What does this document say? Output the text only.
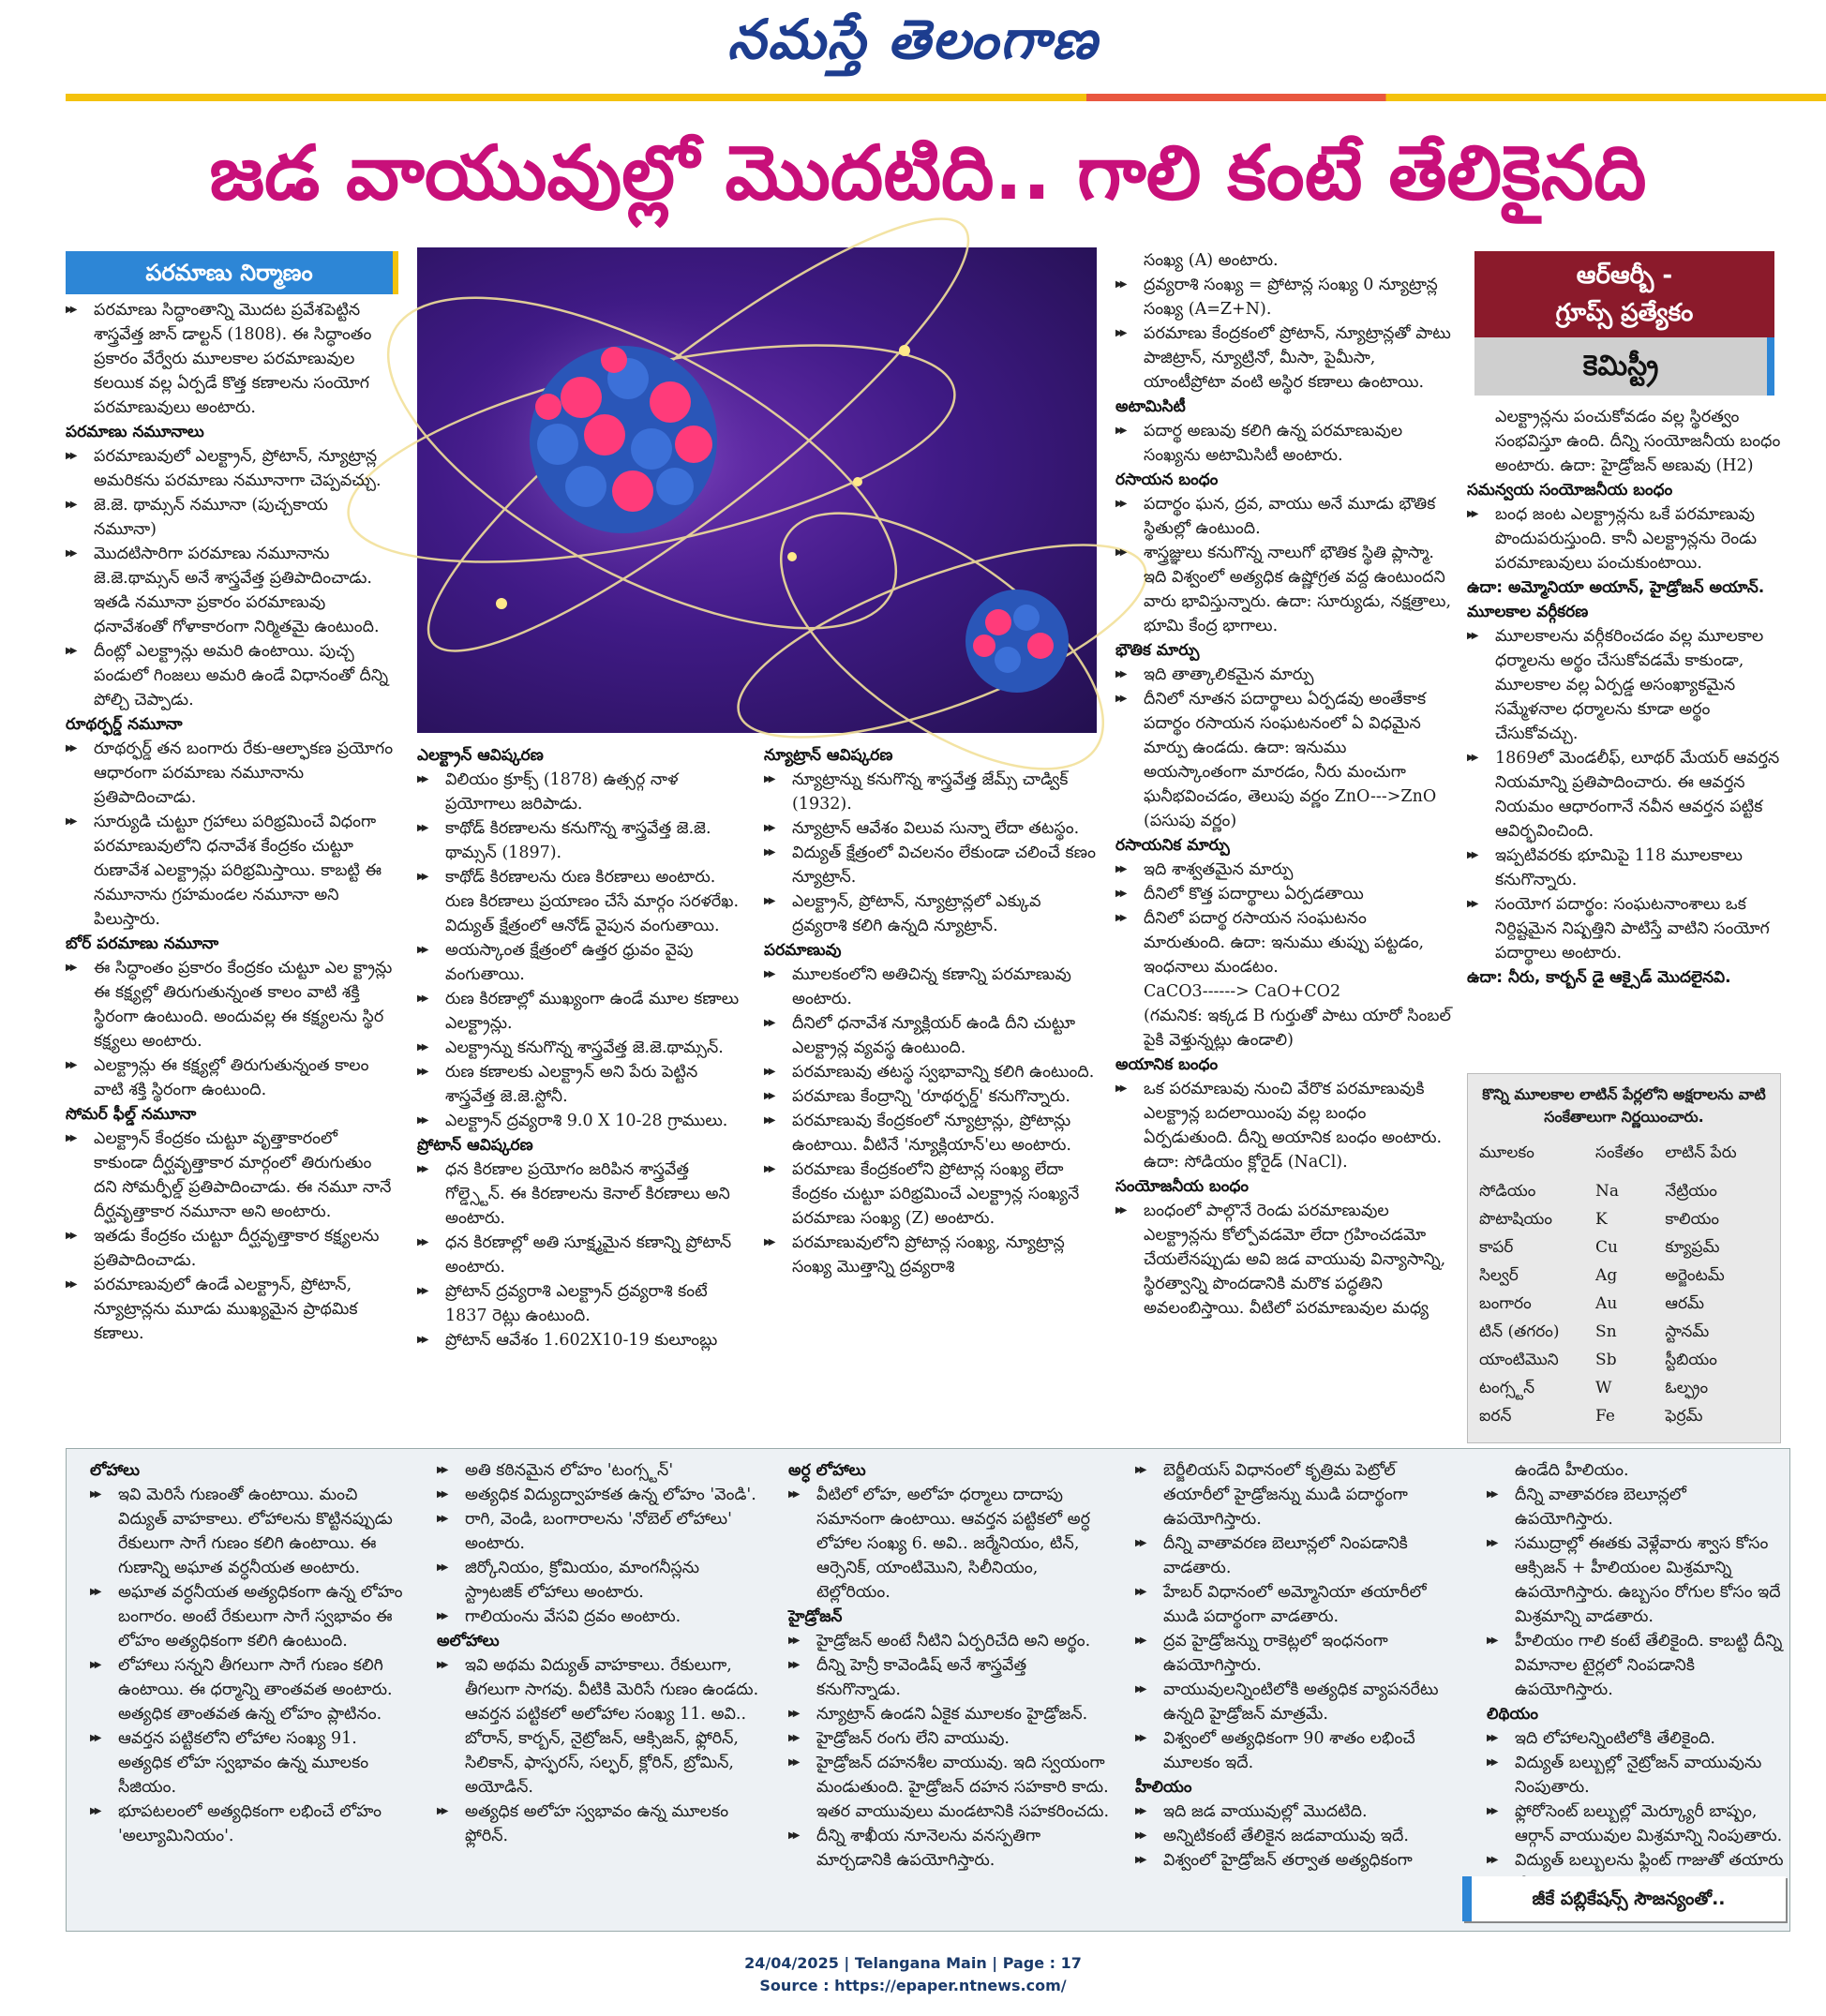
నమస్తే తెలంగాణ
జడ వాయువుల్లో మొదటిది.. గాలి కంటే తేలికైనది
పరమాణు నిర్మాణం	ఆర్ఆర్బీ -
గ్రూప్స్ ప్రత్యేకం
కెమిస్ట్రీ

▶▶ పరమాణు సిద్ధాంతాన్ని మొదట ప్రవేశపెట్టిన శాస్త్రవేత్త జాన్ డాల్టన్ (1808). ఈ సిద్ధాంతం ప్రకారం వేర్వేరు మూలకాల పరమాణువుల కలయిక వల్ల ఏర్పడే కొత్త కణాలను సంయోగ పరమాణువులు అంటారు.

పరమాణు నమూనాలు

▶▶ పరమాణువులో ఎలక్ట్రాన్, ప్రోటాన్, న్యూట్రాన్ల అమరికను పరమాణు నమూనాగా చెప్పవచ్చు.

▶▶ జె.జె. థామ్సన్ నమూనా (పుచ్చకాయ నమూనా)

▶▶ మొదటిసారిగా పరమాణు నమూనాను జె.జె.థామ్సన్ అనే శాస్త్రవేత్త ప్రతిపాదించాడు. ఇతడి నమూనా ప్రకారం పరమాణువు ధనావేశంతో గోళాకారంగా నిర్మితమై ఉంటుంది.

▶▶ దీంట్లో ఎలక్ట్రాన్లు అమరి ఉంటాయి. పుచ్చ పండులో గింజలు అమరి ఉండే విధానంతో దీన్ని పోల్చి చెప్పాడు.

రూథర్ఫర్డ్ నమూనా

▶▶ రూథర్ఫర్డ్ తన బంగారు రేకు-ఆల్ఫాకణ ప్రయోగం ఆధారంగా పరమాణు నమూనాను ప్రతిపాదించాడు.

▶▶ సూర్యుడి చుట్టూ గ్రహాలు పరిభ్రమించే విధంగా పరమాణువులోని ధనావేశ కేంద్రకం చుట్టూ రుణావేశ ఎలక్ట్రాన్లు పరిభ్రమిస్తాయి. కాబట్టి ఈ నమూనాను గ్రహమండల నమూనా అని పిలుస్తారు.

బోర్ పరమాణు నమూనా

▶▶ ఈ సిద్ధాంతం ప్రకారం కేంద్రకం చుట్టూ ఎల క్ట్రాన్లు ఈ కక్ష్యల్లో తిరుగుతున్నంత కాలం వాటి శక్తి స్థిరంగా ఉంటుంది. అందువల్ల ఈ కక్ష్యలను స్థిర కక్ష్యలు అంటారు.

▶▶ ఎలక్ట్రాన్లు ఈ కక్ష్యల్లో తిరుగుతున్నంత కాలం వాటి శక్తి స్థిరంగా ఉంటుంది.

సోమర్ ఫీల్డ్ నమూనా

▶▶ ఎలక్ట్రాన్ కేంద్రకం చుట్టూ వృత్తాకారంలో కాకుండా దీర్ఘవృత్తాకార మార్గంలో తిరుగుతుం దని సోమర్ఫీల్డ్ ప్రతిపాదించాడు. ఈ నమూ నానే దీర్ఘవృత్తాకార నమూనా అని అంటారు.

▶▶ ఇతడు కేంద్రకం చుట్టూ దీర్ఘవృత్తాకార కక్ష్యలను ప్రతిపాదించాడు.

▶▶ పరమాణువులో ఉండే ఎలక్ట్రాన్, ప్రోటాన్, న్యూట్రాన్లను మూడు ముఖ్యమైన ప్రాథమిక కణాలు.

ఎలక్ట్రాన్ ఆవిష్కరణ

▶▶ విలియం క్రూక్స్ (1878) ఉత్సర్గ నాళ ప్రయోగాలు జరిపాడు.

▶▶ కాథోడ్ కిరణాలను కనుగొన్న శాస్త్రవేత్త జె.జె. థామ్సన్ (1897).

▶▶ కాథోడ్ కిరణాలను రుణ కిరణాలు అంటారు. రుణ కిరణాలు ప్రయాణం చేసే మార్గం సరళరేఖ. విద్యుత్ క్షేత్రంలో ఆనోడ్ వైపున వంగుతాయి.

▶▶ అయస్కాంత క్షేత్రంలో ఉత్తర ధ్రువం వైపు వంగుతాయి.

▶▶ రుణ కిరణాల్లో ముఖ్యంగా ఉండే మూల కణాలు ఎలక్ట్రాన్లు.

▶▶ ఎలక్ట్రాన్ను కనుగొన్న శాస్త్రవేత్త జె.జె.థామ్సన్.

▶▶ రుణ కణాలకు ఎలక్ట్రాన్ అని పేరు పెట్టిన శాస్త్రవేత్త జె.జె.స్టోనీ.

▶▶ ఎలక్ట్రాన్ ద్రవ్యరాశి 9.0 X 10-28 గ్రాములు.

ప్రోటాన్ ఆవిష్కరణ

▶▶ ధన కిరణాల ప్రయోగం జరిపిన శాస్త్రవేత్త గోల్డ్స్టెన్. ఈ కిరణాలను కెనాల్ కిరణాలు అని అంటారు.

▶▶ ధన కిరణాల్లో అతి సూక్ష్మమైన కణాన్ని ప్రోటాన్ అంటారు.

▶▶ ప్రోటాన్ ద్రవ్యరాశి ఎలక్ట్రాన్ ద్రవ్యరాశి కంటే 1837 రెట్లు ఉంటుంది.

▶▶ ప్రోటాన్ ఆవేశం 1.602X10-19 కులూంబ్లు

న్యూట్రాన్ ఆవిష్కరణ

▶▶ న్యూట్రాన్ను కనుగొన్న శాస్త్రవేత్త జేమ్స్ చాడ్విక్ (1932).

▶▶ న్యూట్రాన్ ఆవేశం విలువ సున్నా లేదా తటస్థం.

▶▶ విద్యుత్ క్షేత్రంలో విచలనం లేకుండా చలించే కణం న్యూట్రాన్.

▶▶ ఎలక్ట్రాన్, ప్రోటాన్, న్యూట్రాన్లలో ఎక్కువ ద్రవ్యరాశి కలిగి ఉన్నది న్యూట్రాన్.

పరమాణువు

▶▶ మూలకంలోని అతిచిన్న కణాన్ని పరమాణువు అంటారు.

▶▶ దీనిలో ధనావేశ న్యూక్లియర్ ఉండి దీని చుట్టూ ఎలక్ట్రాన్ల వ్యవస్థ ఉంటుంది.

▶▶ పరమాణువు తటస్థ స్వభావాన్ని కలిగి ఉంటుంది.

▶▶ పరమాణు కేంద్రాన్ని 'రూథర్ఫర్డ్' కనుగొన్నారు.

▶▶ పరమాణువు కేంద్రకంలో న్యూట్రాన్లు, ప్రోటాన్లు ఉంటాయి. వీటినే 'న్యూక్లియాన్'లు అంటారు.

▶▶ పరమాణు కేంద్రకంలోని ప్రోటాన్ల సంఖ్య లేదా కేంద్రకం చుట్టూ పరిభ్రమించే ఎలక్ట్రాన్ల సంఖ్యనే పరమాణు సంఖ్య (Z) అంటారు.

▶▶ పరమాణువులోని ప్రోటాన్ల సంఖ్య, న్యూట్రాన్ల సంఖ్య మొత్తాన్ని ద్రవ్యరాశి

సంఖ్య (A) అంటారు.

▶▶ ద్రవ్యరాశి సంఖ్య = ప్రోటాన్ల సంఖ్య 0 న్యూట్రాన్ల సంఖ్య (A=Z+N).

▶▶ పరమాణు కేంద్రకంలో ప్రోటాన్, న్యూట్రాన్లతో పాటు పాజిట్రాన్, న్యూట్రినో, మీసా, పైమీసా, యాంటీప్రోటా వంటి అస్థిర కణాలు ఉంటాయి.

అటామిసిటీ

▶▶ పదార్థ అణువు కలిగి ఉన్న పరమాణువుల సంఖ్యను అటామిసిటీ అంటారు.

రసాయన బంధం

▶▶ పదార్థం ఘన, ద్రవ, వాయు అనే మూడు భౌతిక స్థితుల్లో ఉంటుంది.

▶▶ శాస్త్రజ్ఞులు కనుగొన్న నాలుగో భౌతిక స్థితి ప్లాస్మా. ఇది విశ్వంలో అత్యధిక ఉష్ణోగ్రత వద్ద ఉంటుందని వారు భావిస్తున్నారు. ఉదా: సూర్యుడు, నక్షత్రాలు, భూమి కేంద్ర భాగాలు.

భౌతిక మార్పు

▶▶ ఇది తాత్కాలికమైన మార్పు

▶▶ దీనిలో నూతన పదార్థాలు ఏర్పడవు అంతేకాక పదార్థం రసాయన సంఘటనంలో ఏ విధమైన మార్పు ఉండదు. ఉదా: ఇనుము అయస్కాంతంగా మారడం, నీరు మంచుగా ఘనీభవించడం, తెలుపు వర్ణం ZnO--->ZnO (పసుపు వర్ణం)

రసాయనిక మార్పు

▶▶ ఇది శాశ్వతమైన మార్పు

▶▶ దీనిలో కొత్త పదార్థాలు ఏర్పడతాయి

▶▶ దీనిలో పదార్థ రసాయన సంఘటనం మారుతుంది. ఉదా: ఇనుము తుప్పు పట్టడం, ఇంధనాలు మండటం.

CaCO3------> CaO+CO2

(గమనిక: ఇక్కడ B గుర్తుతో పాటు యారో సింబల్ పైకి వెళ్తున్నట్లు ఉండాలి)

అయానిక బంధం

▶▶ ఒక పరమాణువు నుంచి వేరొక పరమాణువుకి ఎలక్ట్రాన్ల బదలాయింపు వల్ల బంధం ఏర్పడుతుంది. దీన్ని అయానిక బంధం అంటారు. ఉదా: సోడియం క్లోరైడ్ (NaCl).

సంయోజనీయ బంధం

▶▶ బంధంలో పాల్గొనే రెండు పరమాణువుల ఎలక్ట్రాన్లను కోల్పోవడమో లేదా గ్రహించడమో చేయలేనప్పుడు అవి జడ వాయువు విన్యాసాన్ని, స్థిరత్వాన్ని పొందడానికి మరొక పద్ధతిని అవలంబిస్తాయి. వీటిలో పరమాణువుల మధ్య

ఎలక్ట్రాన్లను పంచుకోవడం వల్ల స్థిరత్వం సంభవిస్తూ ఉంది. దీన్ని సంయోజనీయ బంధం అంటారు. ఉదా: హైడ్రోజన్ అణువు (H2)

సమన్వయ సంయోజనీయ బంధం

▶▶ బంధ జంట ఎలక్ట్రాన్లను ఒకే పరమాణువు పొందుపరుస్తుంది. కానీ ఎలక్ట్రాన్లను రెండు పరమాణువులు పంచుకుంటాయి.

ఉదా: అమ్మోనియా అయాన్, హైడ్రోజన్ అయాన్.
మూలకాల వర్గీకరణ

▶▶ మూలకాలను వర్గీకరించడం వల్ల మూలకాల ధర్మాలను అర్థం చేసుకోవడమే కాకుండా, మూలకాల వల్ల ఏర్పడ్డ అసంఖ్యాకమైన సమ్మేళనాల ధర్మాలను కూడా అర్థం చేసుకోవచ్చు.

▶▶ 1869లో మెండలీఫ్, లూథర్ మేయర్ ఆవర్తన నియమాన్ని ప్రతిపాదించారు. ఈ ఆవర్తన నియమం ఆధారంగానే నవీన ఆవర్తన పట్టిక ఆవిర్భవించింది.

▶▶ ఇప్పటివరకు భూమిపై 118 మూలకాలు కనుగొన్నారు.

▶▶ సంయోగ పదార్థం: సంఘటనాంశాలు ఒక నిర్దిష్టమైన నిష్పత్తిని పాటిస్తే వాటిని సంయోగ పదార్థాలు అంటారు.

ఉదా: నీరు, కార్బన్ డై ఆక్సైడ్ మొదలైనవి.
కొన్ని మూలకాల లాటిన్ పేర్లలోని అక్షరాలను వాటి సంకేతాలుగా నిర్ణయించారు.
మూలకం	సంకేతం	లాటిన్ పేరు
సోడియం	Na	నేట్రియం
పొటాషియం	K	కాలియం
కాపర్	Cu	క్యూప్రమ్
సిల్వర్	Ag	అర్జెంటమ్
బంగారం	Au	ఆరమ్
టిన్ (తగరం)	Sn	స్టానమ్
యాంటిమొని	Sb	స్టీబియం
టంగ్స్టన్	W	ఓల్ఫ్రం
ఐరన్	Fe	ఫెర్రమ్
లోహాలు

▶▶ ఇవి మెరిసే గుణంతో ఉంటాయి. మంచి విద్యుత్ వాహకాలు. లోహాలను కొట్టినప్పుడు రేకులుగా సాగే గుణం కలిగి ఉంటాయి. ఈ గుణాన్ని అఘాత వర్ధనీయత అంటారు.

▶▶ అఘాత వర్ధనీయత అత్యధికంగా ఉన్న లోహం బంగారం. అంటే రేకులుగా సాగే స్వభావం ఈ లోహం అత్యధికంగా కలిగి ఉంటుంది.

▶▶ లోహాలు సన్నని తీగలుగా సాగే గుణం కలిగి ఉంటాయి. ఈ ధర్మాన్ని తాంతవత అంటారు. అత్యధిక తాంతవత ఉన్న లోహం ప్లాటినం.

▶▶ ఆవర్తన పట్టికలోని లోహాల సంఖ్య 91. అత్యధిక లోహ స్వభావం ఉన్న మూలకం సీజియం.

▶▶ భూపటలంలో అత్యధికంగా లభించే లోహం 'అల్యూమినియం'.

▶▶ అతి కఠినమైన లోహం 'టంగ్స్టన్'

▶▶ అత్యధిక విద్యుద్వాహకత ఉన్న లోహం 'వెండి'.

▶▶ రాగి, వెండి, బంగారాలను 'నోబెల్ లోహాలు' అంటారు.

▶▶ జిర్కోనియం, క్రోమియం, మాంగనీస్లను స్ట్రాటజిక్ లోహాలు అంటారు.

▶▶ గాలియంను వేసవి ద్రవం అంటారు.

అలోహాలు

▶▶ ఇవి అథమ విద్యుత్ వాహకాలు. రేకులుగా, తీగలుగా సాగవు. వీటికి మెరిసే గుణం ఉండదు. ఆవర్తన పట్టికలో అలోహాల సంఖ్య 11. అవి.. బోరాన్, కార్బన్, నైట్రోజన్, ఆక్సిజన్, ఫ్లోరిన్, సిలికాన్, ఫాస్ఫరస్, సల్ఫర్, క్లోరిన్, బ్రోమిన్, అయోడిన్.

▶▶ అత్యధిక అలోహ స్వభావం ఉన్న మూలకం ఫ్లోరిన్.

అర్ధ లోహాలు

▶▶ వీటిలో లోహ, అలోహ ధర్మాలు దాదాపు సమానంగా ఉంటాయి. ఆవర్తన పట్టికలో అర్ధ లోహాల సంఖ్య 6. అవి.. జర్మేనియం, టిన్, ఆర్సెనిక్, యాంటిమొని, సిలీనియం, టెల్లోరియం.

హైడ్రోజన్

▶▶ హైడ్రోజన్ అంటే నీటిని ఏర్పరిచేది అని అర్థం.

▶▶ దీన్ని హెన్రీ కావెండిష్ అనే శాస్త్రవేత్త కనుగొన్నాడు.

▶▶ న్యూట్రాన్ ఉండని ఏకైక మూలకం హైడ్రోజన్.

▶▶ హైడ్రోజన్ రంగు లేని వాయువు.

▶▶ హైడ్రోజన్ దహనశీల వాయువు. ఇది స్వయంగా మండుతుంది. హైడ్రోజన్ దహన సహకారి కాదు. ఇతర వాయువులు మండటానికి సహకరించదు.

▶▶ దీన్ని శాఖీయ నూనెలను వనస్పతిగా మార్చడానికి ఉపయోగిస్తారు.

▶▶ బెర్జీలియస్ విధానంలో కృత్రిమ పెట్రోల్ తయారీలో హైడ్రోజన్ను ముడి పదార్థంగా ఉపయోగిస్తారు.

▶▶ దీన్ని వాతావరణ బెలూన్లలో నింపడానికి వాడతారు.

▶▶ హేబర్ విధానంలో అమ్మోనియా తయారీలో ముడి పదార్థంగా వాడతారు.

▶▶ ద్రవ హైడ్రోజన్ను రాకెట్లలో ఇంధనంగా ఉపయోగిస్తారు.

▶▶ వాయువులన్నింటిలోకి అత్యధిక వ్యాపనరేటు ఉన్నది హైడ్రోజన్ మాత్రమే.

▶▶ విశ్వంలో అత్యధికంగా 90 శాతం లభించే మూలకం ఇదే.

హీలియం

▶▶ ఇది జడ వాయువుల్లో మొదటిది.

▶▶ అన్నిటికంటే తేలికైన జడవాయువు ఇదే.

▶▶ విశ్వంలో హైడ్రోజన్ తర్వాత అత్యధికంగా

ఉండేది హీలియం.

▶▶ దీన్ని వాతావరణ బెలూన్లలో ఉపయోగిస్తారు.

▶▶ సముద్రాల్లో ఈతకు వెళ్లేవారు శ్వాస కోసం ఆక్సిజన్ + హీలియంల మిశ్రమాన్ని ఉపయోగిస్తారు. ఉబ్బసం రోగుల కోసం ఇదే మిశ్రమాన్ని వాడతారు.

▶▶ హీలియం గాలి కంటే తేలికైంది. కాబట్టి దీన్ని విమానాల టైర్లలో నింపడానికి ఉపయోగిస్తారు.

లిథియం

▶▶ ఇది లోహాలన్నింటిలోకి తేలికైంది.

▶▶ విద్యుత్ బల్బుల్లో నైట్రోజన్ వాయువును నింపుతారు.

▶▶ ఫ్లోరోసెంట్ బల్బుల్లో మెర్క్యూరీ బాష్పం, ఆర్గాన్ వాయువుల మిశ్రమాన్ని నింపుతారు.

▶▶ విద్యుత్ బల్బులను ఫ్లింట్ గాజుతో తయారు

జీకే పబ్లికేషన్స్ సౌజన్యంతో..
24/04/2025 | Telangana Main | Page : 17
Source : https://epaper.ntnews.com/
